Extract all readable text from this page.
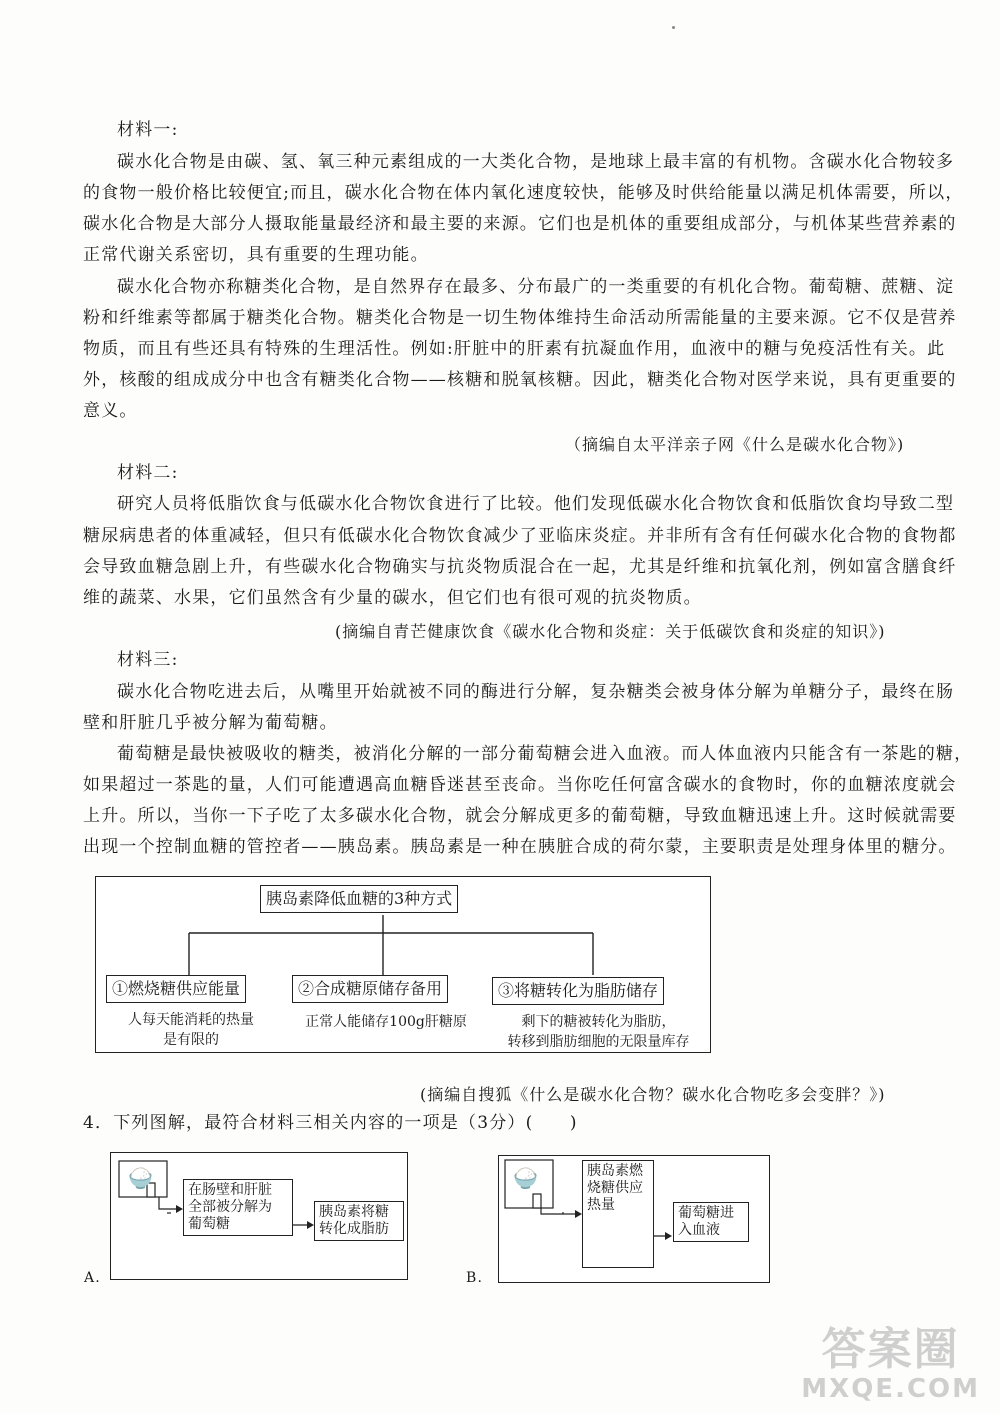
材料一:
碳水化合物是由碳、氢、氧三种元素组成的一大类化合物，是地球上最丰富的有机物。含碳水化合物较多
的食物一般价格比较便宜;而且，碳水化合物在体内氧化速度较快，能够及时供给能量以满足机体需要，所以，
碳水化合物是大部分人摄取能量最经济和最主要的来源。它们也是机体的重要组成部分，与机体某些营养素的
正常代谢关系密切，具有重要的生理功能。
碳水化合物亦称糖类化合物，是自然界存在最多、分布最广的一类重要的有机化合物。葡萄糖、蔗糖、淀
粉和纤维素等都属于糖类化合物。糖类化合物是一切生物体维持生命活动所需能量的主要来源。它不仅是营养
物质，而且有些还具有特殊的生理活性。例如:肝脏中的肝素有抗凝血作用，血液中的糖与免疫活性有关。此
外，核酸的组成成分中也含有糖类化合物——核糖和脱氧核糖。因此，糖类化合物对医学来说，具有更重要的
意义。
（摘编自太平洋亲子网《什么是碳水化合物》)
材料二:
研究人员将低脂饮食与低碳水化合物饮食进行了比较。他们发现低碳水化合物饮食和低脂饮食均导致二型
糖尿病患者的体重减轻，但只有低碳水化合物饮食减少了亚临床炎症。并非所有含有任何碳水化合物的食物都
会导致血糖急剧上升，有些碳水化合物确实与抗炎物质混合在一起，尤其是纤维和抗氧化剂，例如富含膳食纤
维的蔬菜、水果，它们虽然含有少量的碳水，但它们也有很可观的抗炎物质。
(摘编自青芒健康饮食《碳水化合物和炎症：关于低碳饮食和炎症的知识》)
材料三:
碳水化合物吃进去后，从嘴里开始就被不同的酶进行分解，复杂糖类会被身体分解为单糖分子，最终在肠
壁和肝脏几乎被分解为葡萄糖。
葡萄糖是最快被吸收的糖类，被消化分解的一部分葡萄糖会进入血液。而人体血液内只能含有一茶匙的糖，
如果超过一茶匙的量，人们可能遭遇高血糖昏迷甚至丧命。当你吃任何富含碳水的食物时，你的血糖浓度就会
上升。所以，当你一下子吃了太多碳水化合物，就会分解成更多的葡萄糖，导致血糖迅速上升。这时候就需要
出现一个控制血糖的管控者——胰岛素。胰岛素是一种在胰脏合成的荷尔蒙，主要职责是处理身体里的糖分。
胰岛素降低血糖的3种方式
①燃烧糖供应能量	②合成糖原储存备用	③将糖转化为脂肪储存
人每天能消耗的热量
是有限的
正常人能储存100g肝糖原	剩下的糖被转化为脂肪，
转移到脂肪细胞的无限量库存
(摘编自搜狐《什么是碳水化合物？碳水化合物吃多会变胖？》)
4．下列图解，最符合材料三相关内容的一项是（3分）(　　)
🍚	在肠壁和肝脏
全部被分解为
葡萄糖
胰岛素将糖
转化成脂肪
A.
🍚	胰岛素燃
烧糖供应
热量	葡萄糖进
入血液
B.
答案圈
MXQE.COM
